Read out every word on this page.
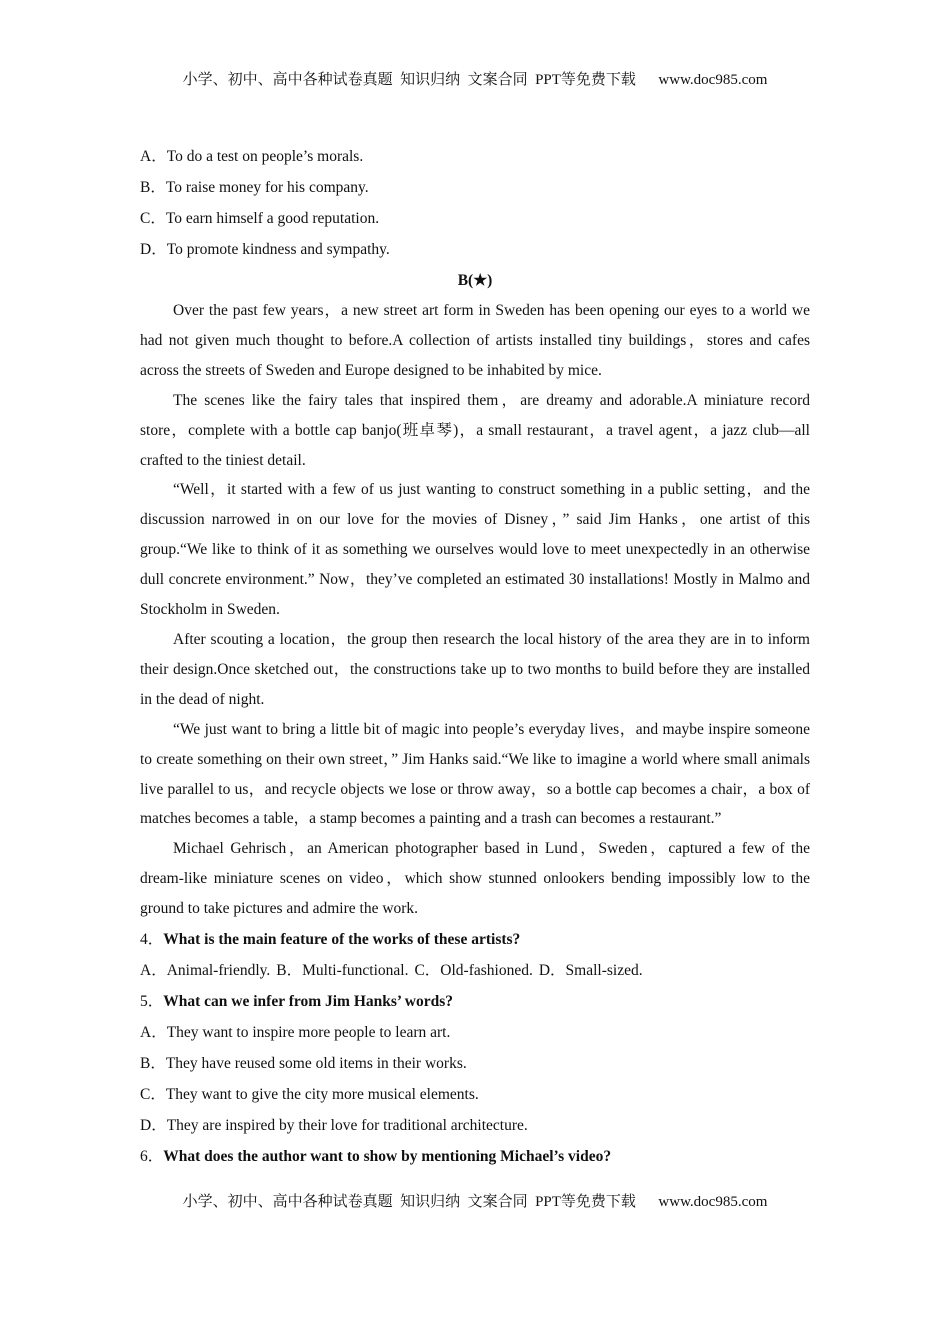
小学、初中、高中各种试卷真题  知识归纳  文案合同  PPT等免费下载      www.doc985.com
A．To do a test on people’s morals.
B．To raise money for his company.
C．To earn himself a good reputation.
D．To promote kindness and sympathy.
B(★)

Over the past few years，a new street art form in Sweden has been opening our eyes to a world we had not given much thought to before.A collection of artists installed tiny buildings，stores and cafes across the streets of Sweden and Europe designed to be inhabited by mice.

The scenes like the fairy tales that inspired them，are dreamy and adorable.A miniature record store，complete with a bottle cap banjo(班卓琴)，a small restaurant，a travel agent，a jazz club—all crafted to the tiniest detail.

“Well，it started with a few of us just wanting to construct something in a public setting，and the discussion narrowed in on our love for the movies of Disney，” said Jim Hanks，one artist of this group.“We like to think of it as something we ourselves would love to meet unexpectedly in an otherwise dull concrete environment.” Now，they’ve completed an estimated 30 installations! Mostly in Malmo and Stockholm in Sweden.

After scouting a location，the group then research the local history of the area they are in to inform their design.Once sketched out，the constructions take up to two months to build before they are installed in the dead of night.

“We just want to bring a little bit of magic into people’s everyday lives，and maybe inspire someone to create something on their own street，” Jim Hanks said.“We like to imagine a world where small animals live parallel to us，and recycle objects we lose or throw away，so a bottle cap becomes a chair，a box of matches becomes a table，a stamp becomes a painting and a trash can becomes a restaurant.”

Michael Gehrisch，an American photographer based in Lund，Sweden，captured a few of the dream-like miniature scenes on video，which show stunned onlookers bending impossibly low to the ground to take pictures and admire the work.

4．What is the main feature of the works of these artists?
A．Animal-friendly. B．Multi-functional. C．Old-fashioned. D．Small-sized.
5．What can we infer from Jim Hanks’ words?
A．They want to inspire more people to learn art.
B．They have reused some old items in their works.
C．They want to give the city more musical elements.
D．They are inspired by their love for traditional architecture.
6．What does the author want to show by mentioning Michael’s video?
小学、初中、高中各种试卷真题  知识归纳  文案合同  PPT等免费下载      www.doc985.com
